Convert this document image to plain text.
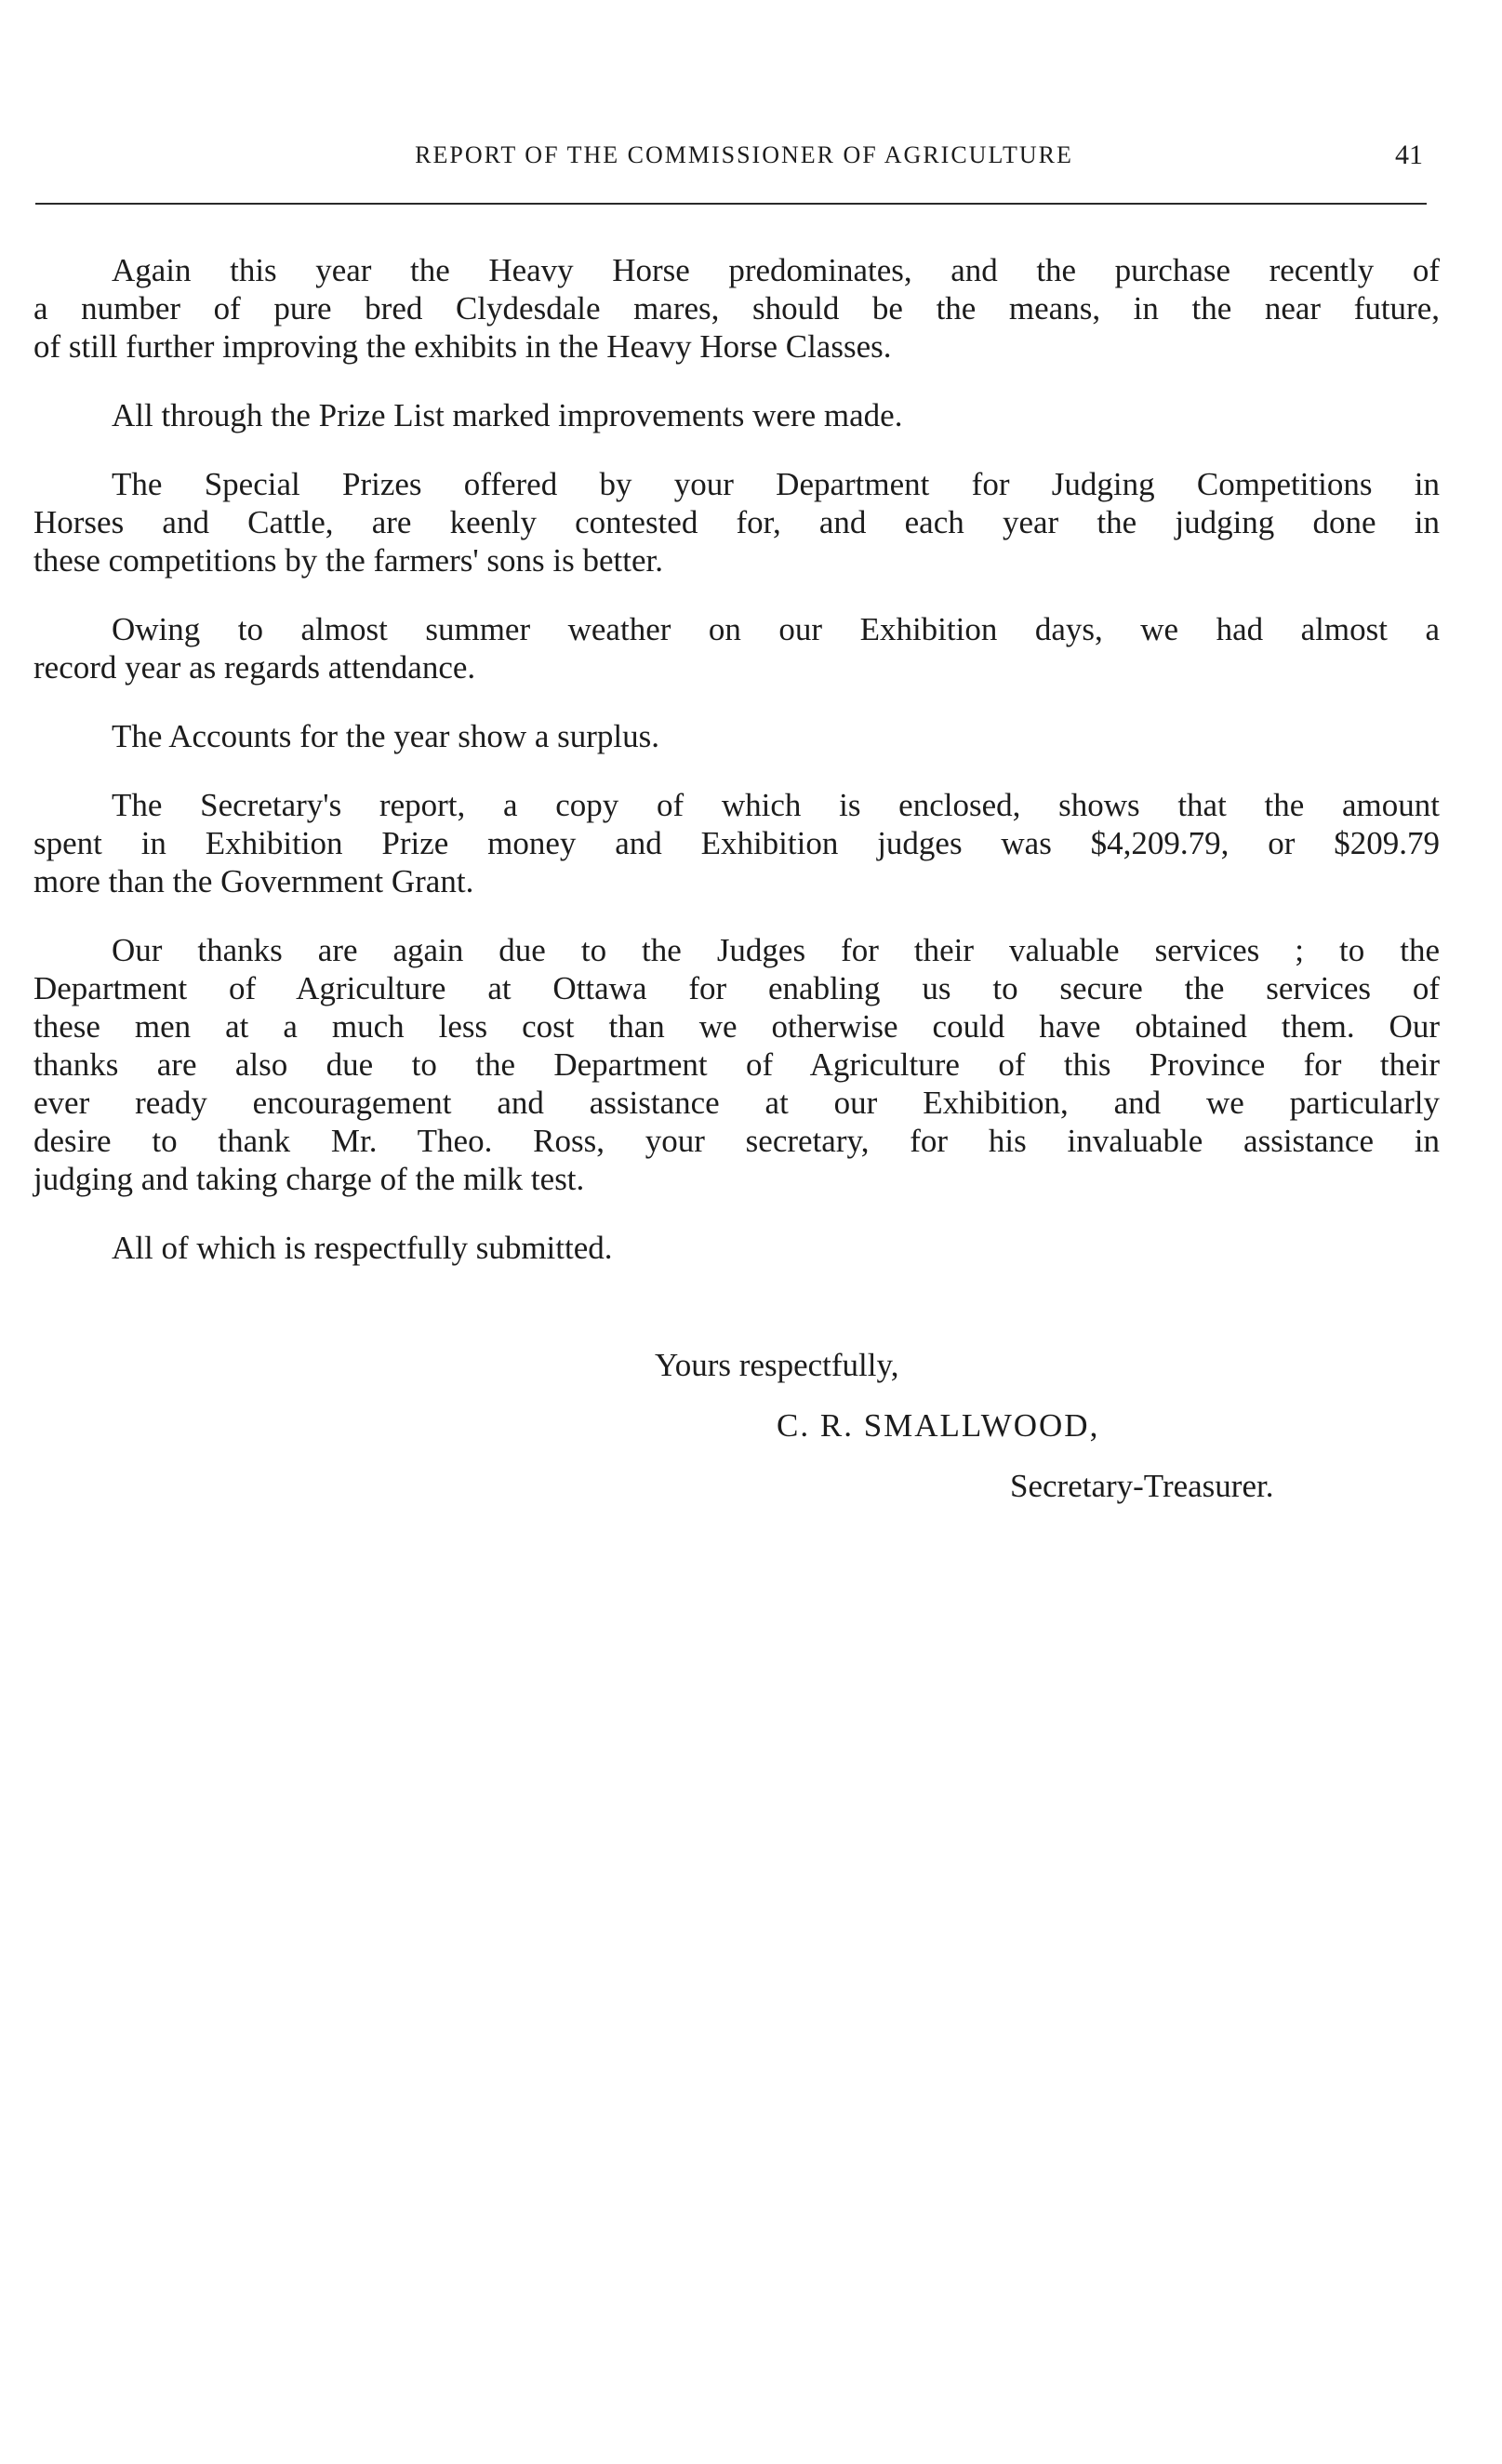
REPORT OF THE COMMISSIONER OF AGRICULTURE	41
Again this year the Heavy Horse predominates, and the purchase recently of
a number of pure bred Clydesdale mares, should be the means, in the near future,
of still further improving the exhibits in the Heavy Horse Classes.
All through the Prize List marked improvements were made.
The Special Prizes offered by your Department for Judging Competitions in
Horses and Cattle, are keenly contested for, and each year the judging done in
these competitions by the farmers' sons is better.
Owing to almost summer weather on our Exhibition days, we had almost a
record year as regards attendance.
The Accounts for the year show a surplus.
The Secretary's report, a copy of which is enclosed, shows that the amount
spent in Exhibition Prize money and Exhibition judges was $4,209.79, or $209.79
more than the Government Grant.
Our thanks are again due to the Judges for their valuable services ; to the
Department of Agriculture at Ottawa for enabling us to secure the services of
these men at a much less cost than we otherwise could have obtained them. Our
thanks are also due to the Department of Agriculture of this Province for their
ever ready encouragement and assistance at our Exhibition, and we particularly
desire to thank Mr. Theo. Ross, your secretary, for his invaluable assistance in
judging and taking charge of the milk test.
All of which is respectfully submitted.
Yours respectfully,
C. R. SMALLWOOD,
Secretary-Treasurer.
